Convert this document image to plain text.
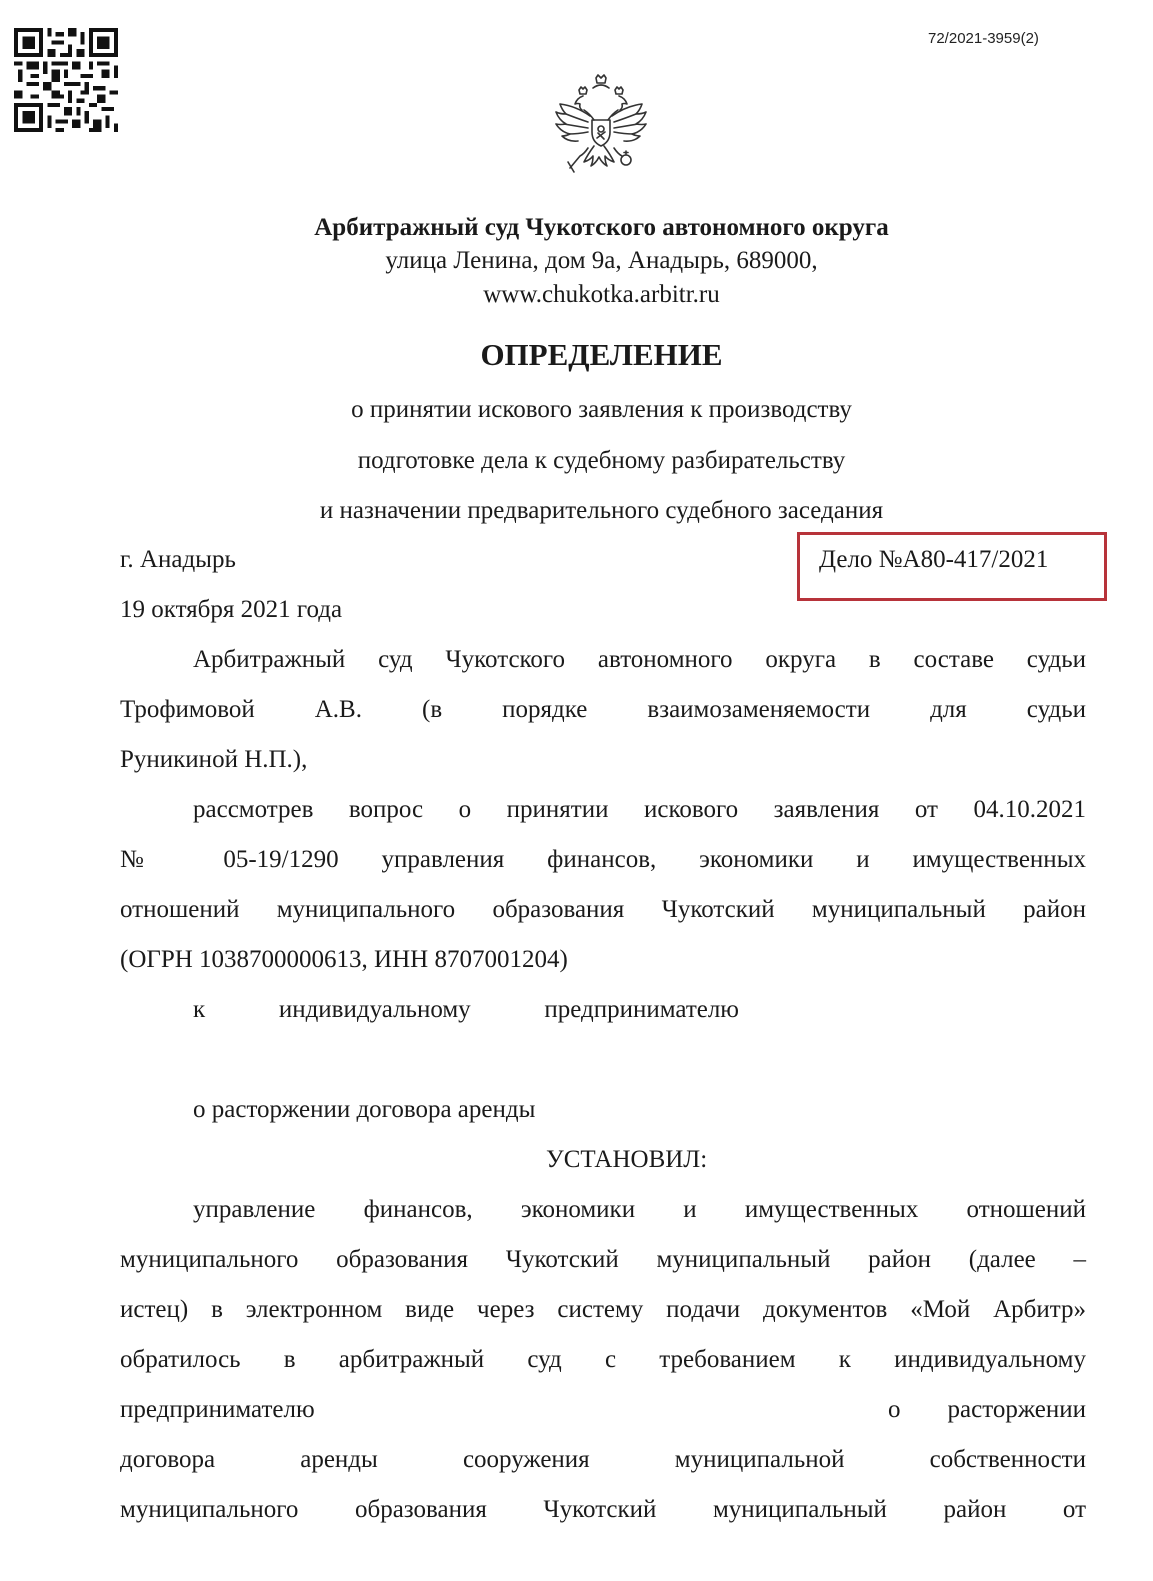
72/2021-3959(2)
Арбитражный суд Чукотского автономного округа
улица Ленина, дом 9а, Анадырь, 689000,
www.chukotka.arbitr.ru
ОПРЕДЕЛЕНИЕ
о принятии искового заявления к производству
подготовке дела к судебному разбирательству
и назначении предварительного судебного заседания
г. Анадырь	Дело №А80-417/2021
19 октября 2021 года
Арбитражный суд Чукотского автономного округа в составе судьи
Трофимовой А.В. (в порядке взаимозаменяемости для судьи
Руникиной Н.П.),
рассмотрев вопрос о принятии искового заявления от 04.10.2021
№ 05-19/1290 управления финансов, экономики и имущественных
отношений муниципального образования Чукотский муниципальный район
(ОГРН 1038700000613, ИНН 8707001204)
к индивидуальному предпринимателю
о расторжении договора аренды
УСТАНОВИЛ:
управление финансов, экономики и имущественных отношений
муниципального образования Чукотский муниципальный район (далее –
истец) в электронном виде через систему подачи документов «Мой Арбитр»
обратилось в арбитражный суд с требованием к индивидуальному
предпринимателю	о расторжении
договора аренды сооружения муниципальной собственности
муниципального образования Чукотский муниципальный район от
